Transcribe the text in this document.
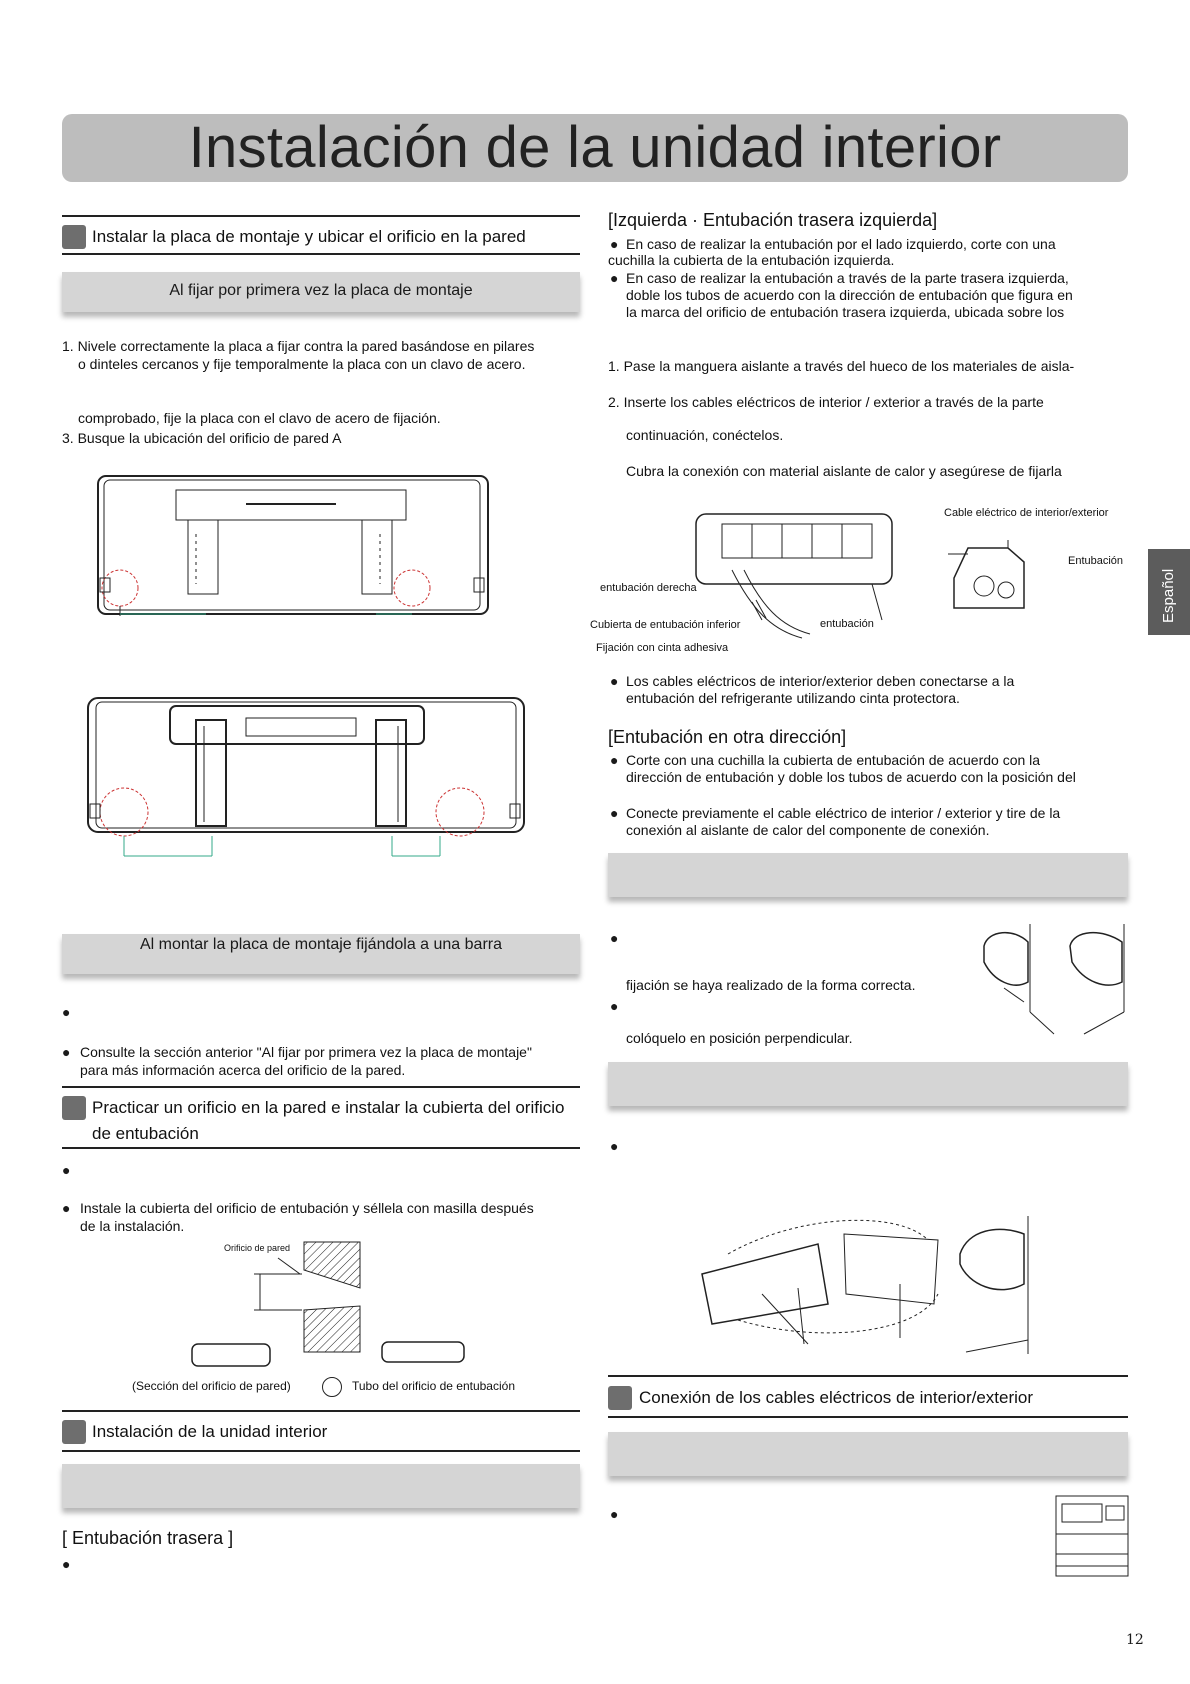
Instalación de la unidad interior
Español
Instalar la placa de montaje y ubicar el orificio en la pared
Al fijar por primera vez la placa de montaje
1. Nivele correctamente la placa a fijar contra la pared basándose en pilares
o dinteles cercanos y fije temporalmente la placa con un clavo de acero.
comprobado, fije la placa con el clavo de acero de fijación.
3. Busque la ubicación del orificio de pared A
Al montar la placa de montaje fijándola a una barra
●
● Consulte la sección anterior "Al fijar por primera vez la placa de montaje"
para más información acerca del orificio de la pared.
Practicar un orificio en la pared e instalar la cubierta del orificio
de entubación
●
● Instale la cubierta del orificio de entubación y séllela con masilla después
de la instalación.
Orificio de pared
(Sección del orificio de pared)	Tubo del orificio de entubación
Instalación de la unidad interior
[ Entubación trasera ]
●
[Izquierda · Entubación trasera izquierda]
● En caso de realizar la entubación por el lado izquierdo, corte con una
cuchilla la cubierta de la entubación izquierda.
● En caso de realizar la entubación a través de la parte trasera izquierda,
doble los tubos de acuerdo con la dirección de entubación que figura en
la marca del orificio de entubación trasera izquierda, ubicada sobre los
1. Pase la manguera aislante a través del hueco de los materiales de aisla-
2. Inserte los cables eléctricos de interior / exterior a través de la parte
continuación, conéctelos.
Cubra la conexión con material aislante de calor y asegúrese de fijarla
Cable eléctrico de interior/exterior
Entubación
entubación derecha
Cubierta de entubación inferior	entubación
Fijación con cinta adhesiva
● Los cables eléctricos de interior/exterior deben conectarse a la
entubación del refrigerante utilizando cinta protectora.
[Entubación en otra dirección]
● Corte con una cuchilla la cubierta de entubación de acuerdo con la
dirección de entubación y doble los tubos de acuerdo con la posición del
● Conecte previamente el cable eléctrico de interior / exterior y tire de la
conexión al aislante de calor del componente de conexión.
●
fijación se haya realizado de la forma correcta.
●
colóquelo en posición perpendicular.
●
Conexión de los cables eléctricos de interior/exterior
●
12
